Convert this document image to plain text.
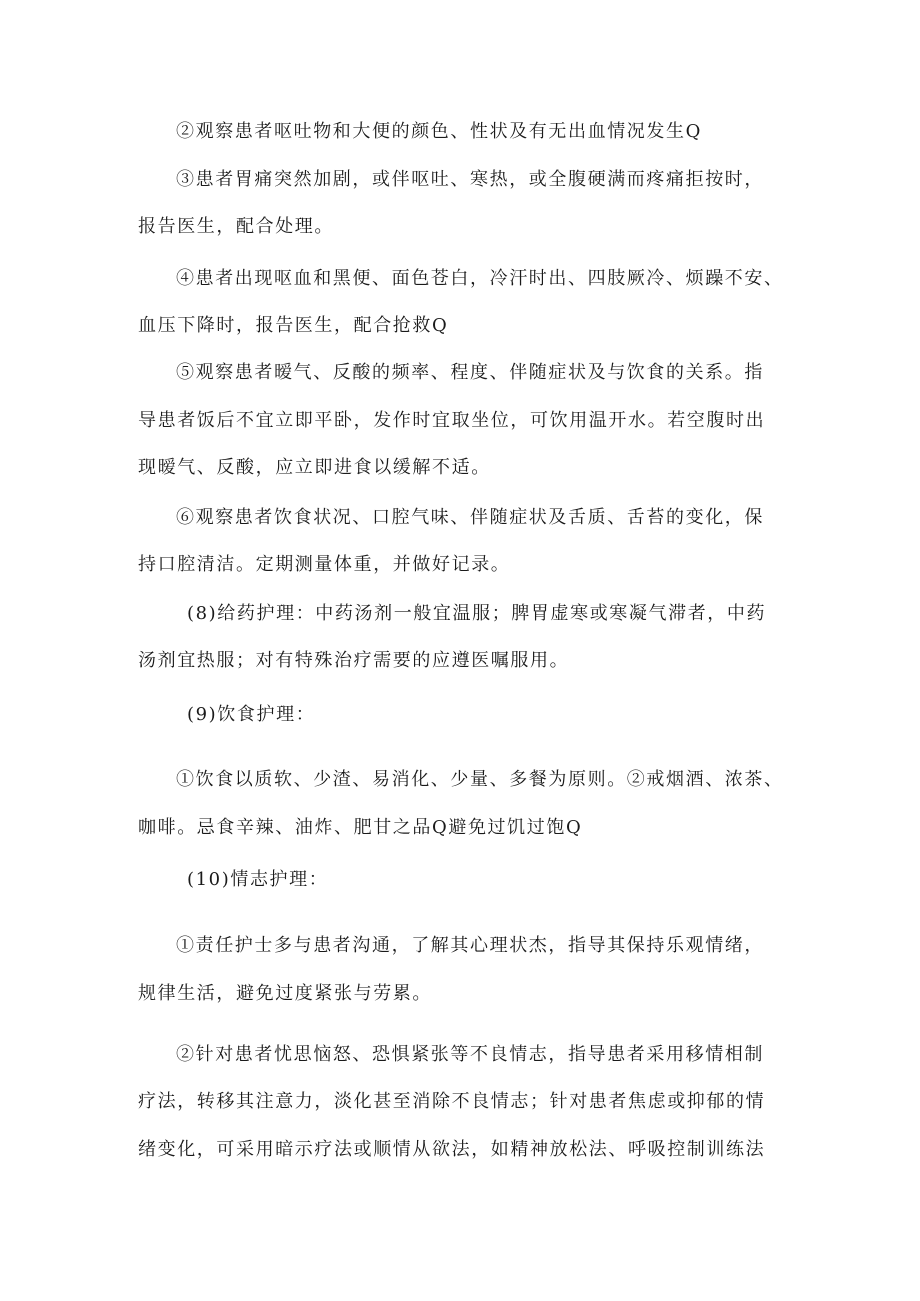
②观察患者呕吐物和大便的颜色、性状及有无出血情况发生Q
③患者胃痛突然加剧，或伴呕吐、寒热，或全腹硬满而疼痛拒按时，
报告医生，配合处理。
④患者出现呕血和黑便、面色苍白，冷汗时出、四肢厥冷、烦躁不安、
血压下降时，报告医生，配合抢救Q
⑤观察患者暧气、反酸的频率、程度、伴随症状及与饮食的关系。指
导患者饭后不宜立即平卧，发作时宜取坐位，可饮用温开水。若空腹时出
现暧气、反酸，应立即进食以缓解不适。
⑥观察患者饮食状况、口腔气味、伴随症状及舌质、舌苔的变化，保
持口腔清洁。定期测量体重，并做好记录。
(8)给药护理：中药汤剂一般宜温服；脾胃虚寒或寒凝气滞者，中药
汤剂宜热服；对有特殊治疗需要的应遵医嘱服用。
(9)饮食护理：
①饮食以质软、少渣、易消化、少量、多餐为原则。②戒烟酒、浓茶、
咖啡。忌食辛辣、油炸、肥甘之品Q避免过饥过饱Q
(10)情志护理：
①责任护士多与患者沟通，了解其心理状杰，指导其保持乐观情绪，
规律生活，避免过度紧张与劳累。
②针对患者忧思恼怒、恐惧紧张等不良情志，指导患者采用移情相制
疗法，转移其注意力，淡化甚至消除不良情志；针对患者焦虑或抑郁的情
绪变化，可采用暗示疗法或顺情从欲法，如精神放松法、呼吸控制训练法
